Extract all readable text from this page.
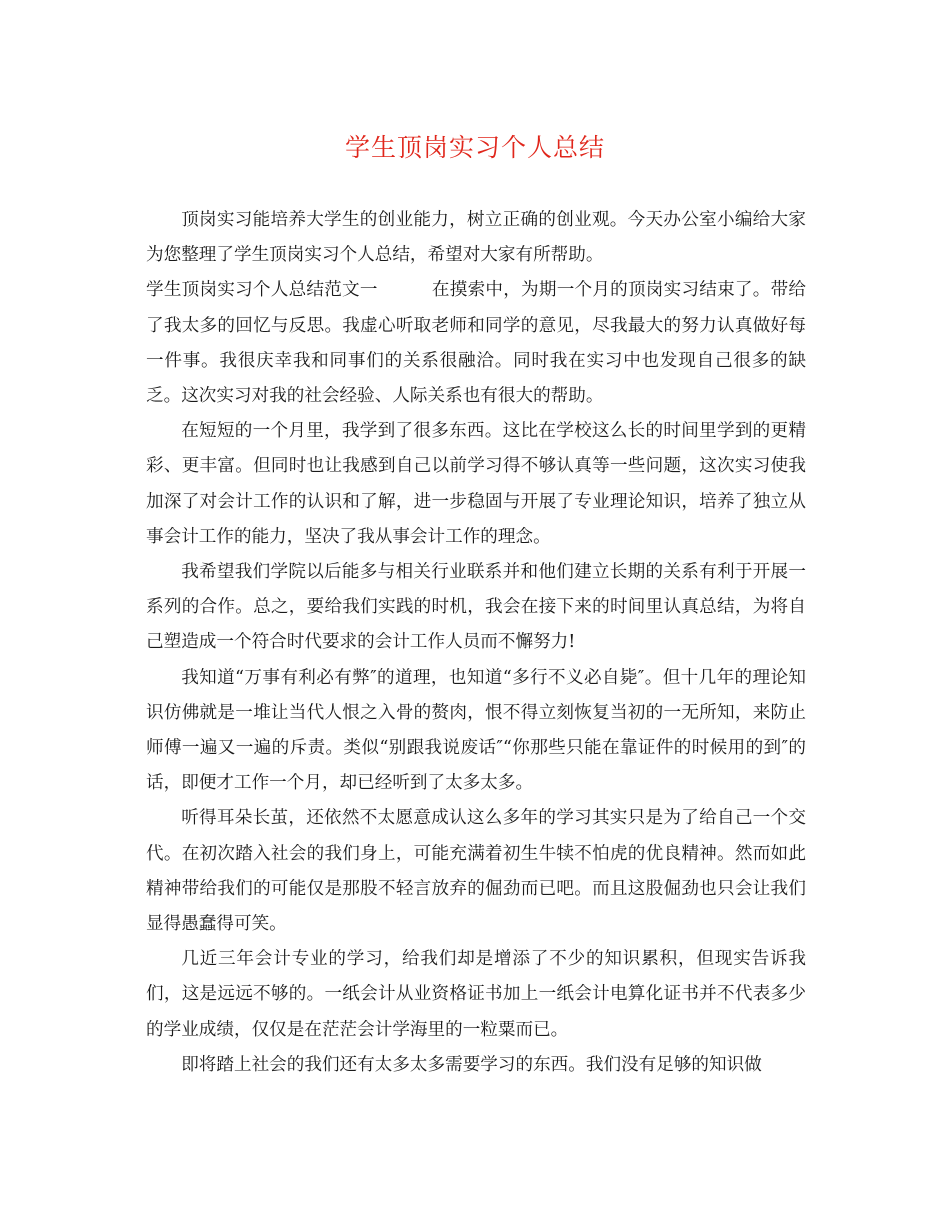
学生顶岗实习个人总结

顶岗实习能培养大学生的创业能力，树立正确的创业观。今天办公室小编给大家为您整理了学生顶岗实习个人总结，希望对大家有所帮助。

学生顶岗实习个人总结范文一	在摸索中，为期一个月的顶岗实习结束了。带给了我太多的回忆与反思。我虚心听取老师和同学的意见，尽我最大的努力认真做好每一件事。我很庆幸我和同事们的关系很融洽。同时我在实习中也发现自己很多的缺乏。这次实习对我的社会经验、人际关系也有很大的帮助。

在短短的一个月里，我学到了很多东西。这比在学校这么长的时间里学到的更精彩、更丰富。但同时也让我感到自己以前学习得不够认真等一些问题，这次实习使我加深了对会计工作的认识和了解，进一步稳固与开展了专业理论知识，培养了独立从事会计工作的能力，坚决了我从事会计工作的理念。

我希望我们学院以后能多与相关行业联系并和他们建立长期的关系有利于开展一系列的合作。总之，要给我们实践的时机，我会在接下来的时间里认真总结，为将自己塑造成一个符合时代要求的会计工作人员而不懈努力!

我知道“万事有利必有弊″的道理，也知道“多行不义必自毙″。但十几年的理论知识仿佛就是一堆让当代人恨之入骨的赘肉，恨不得立刻恢复当初的一无所知，来防止师傅一遍又一遍的斥责。类似“别跟我说废话″“你那些只能在靠证件的时候用的到″的话，即便才工作一个月，却已经听到了太多太多。

听得耳朵长茧，还依然不太愿意成认这么多年的学习其实只是为了给自己一个交代。在初次踏入社会的我们身上，可能充满着初生牛犊不怕虎的优良精神。然而如此精神带给我们的可能仅是那股不轻言放弃的倔劲而已吧。而且这股倔劲也只会让我们显得愚蠢得可笑。

几近三年会计专业的学习，给我们却是增添了不少的知识累积，但现实告诉我们，这是远远不够的。一纸会计从业资格证书加上一纸会计电算化证书并不代表多少的学业成绩，仅仅是在茫茫会计学海里的一粒粟而已。

即将踏上社会的我们还有太多太多需要学习的东西。我们没有足够的知识做
